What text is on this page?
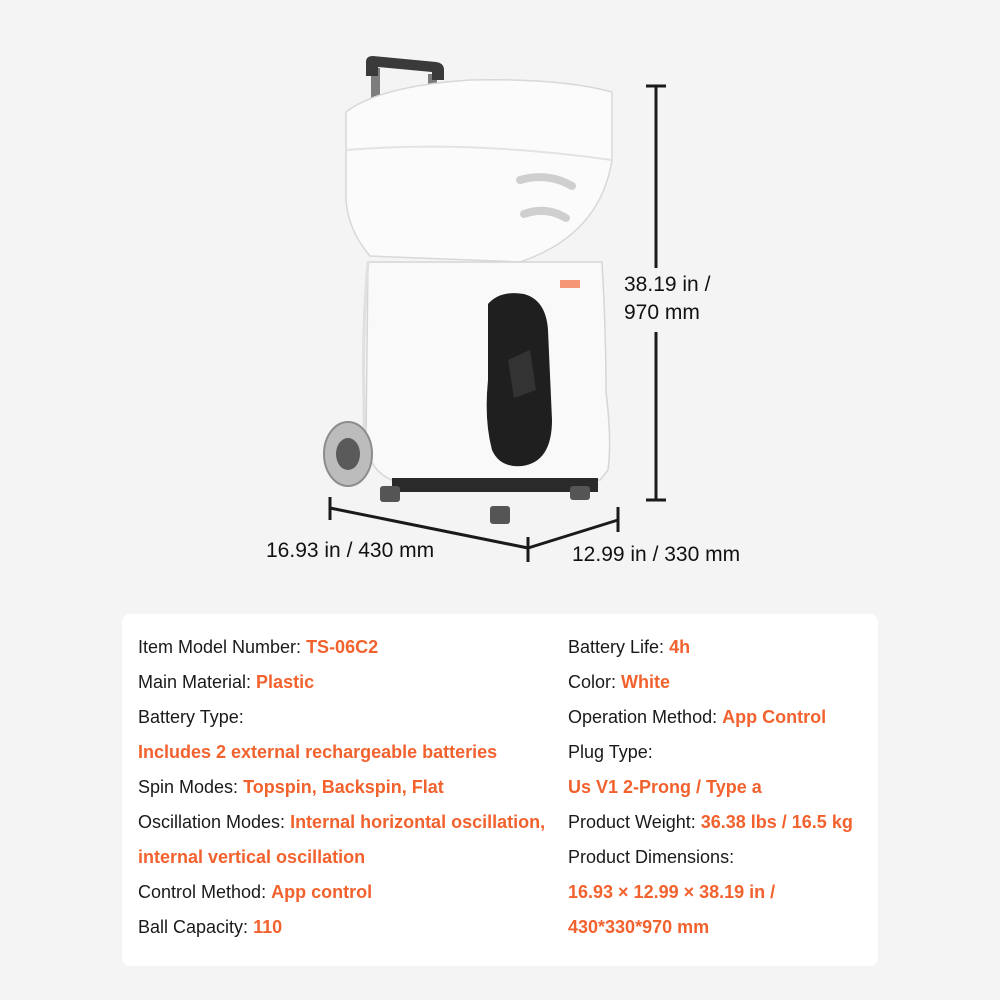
38.19 in /
970 mm
16.93 in / 430 mm	12.99 in / 330 mm
Item Model Number: TS-06C2
Main Material: Plastic
Battery Type:
Includes 2 external rechargeable batteries
Spin Modes: Topspin, Backspin, Flat
Oscillation Modes: Internal horizontal oscillation,
internal vertical oscillation
Control Method: App control
Ball Capacity: 110
Battery Life: 4h
Color: White
Operation Method: App Control
Plug Type:
Us V1 2-Prong / Type a
Product Weight: 36.38 lbs / 16.5 kg
Product Dimensions:
16.93 × 12.99 × 38.19 in /
430*330*970 mm
